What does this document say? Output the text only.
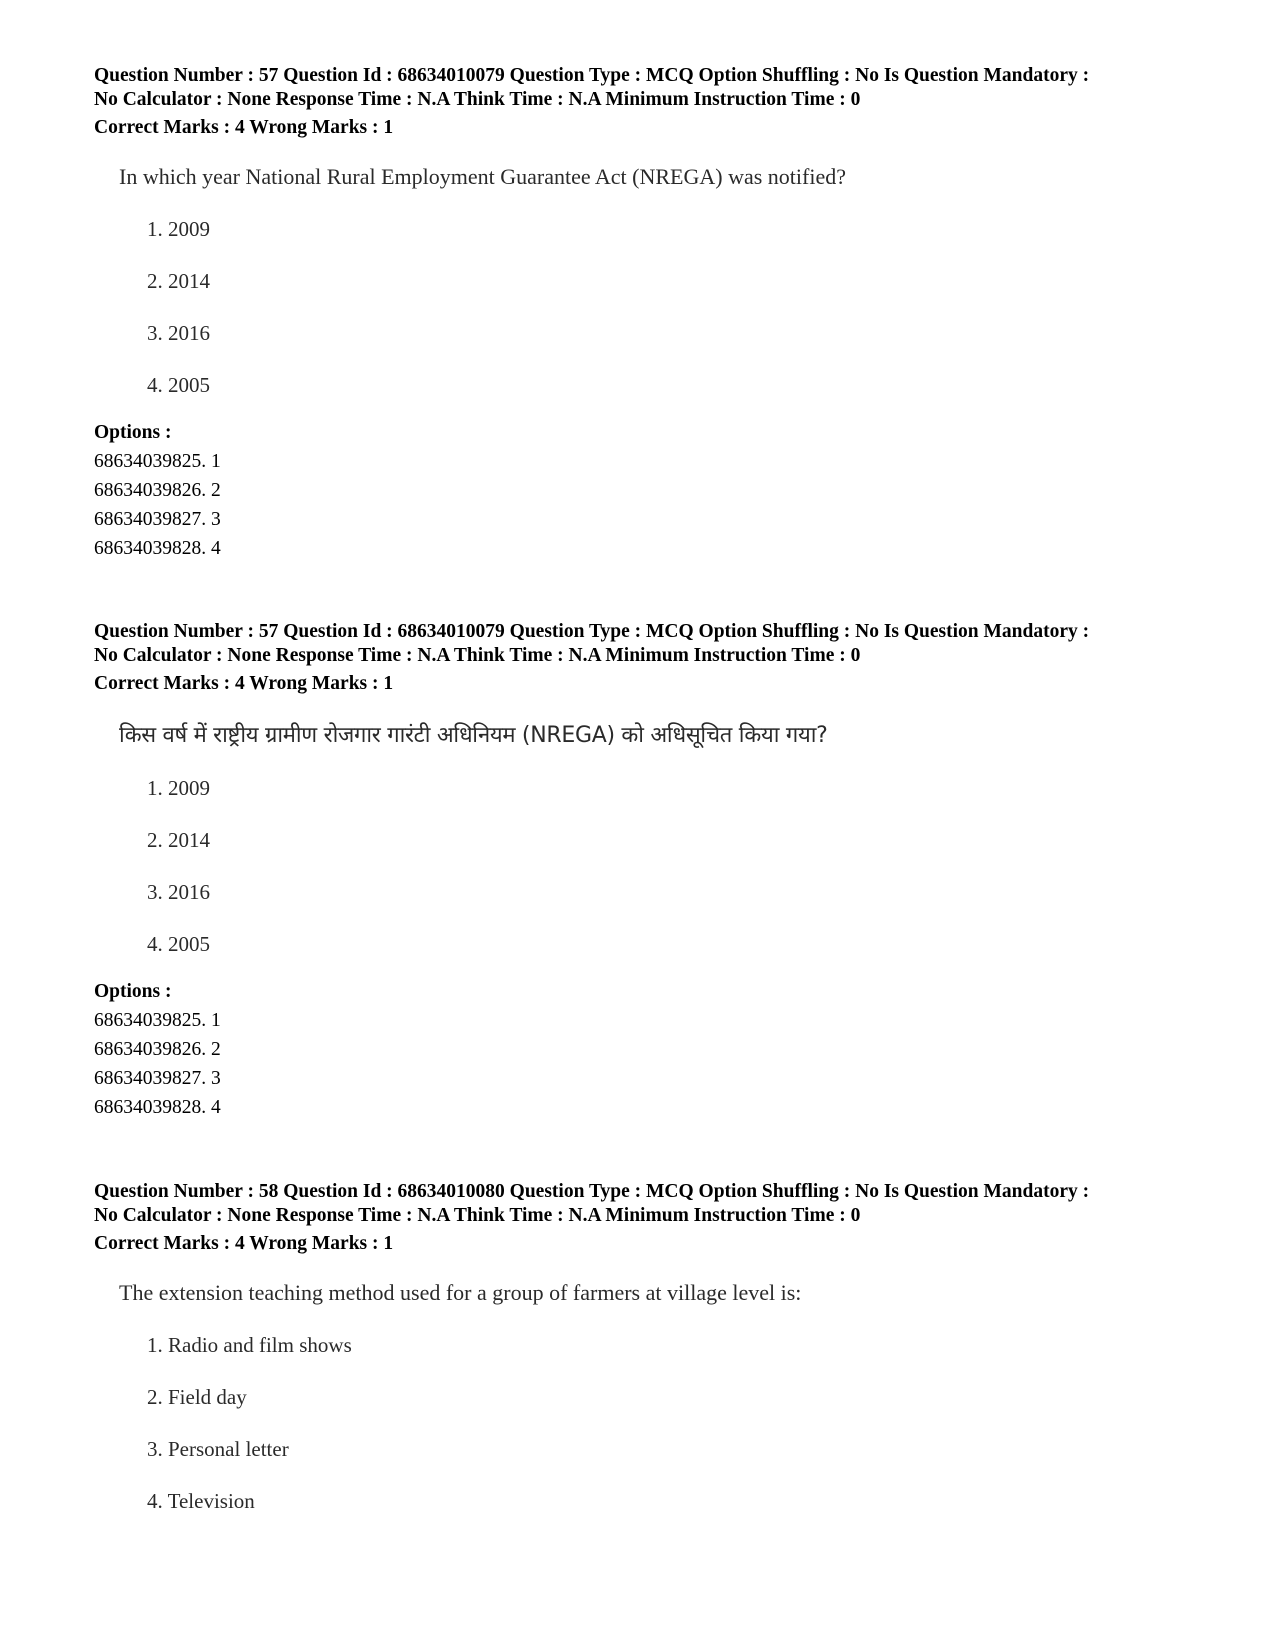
Question Number : 57 Question Id : 68634010079 Question Type : MCQ Option Shuffling : No Is Question Mandatory :
No Calculator : None Response Time : N.A Think Time : N.A Minimum Instruction Time : 0
Correct Marks : 4 Wrong Marks : 1
In which year National Rural Employment Guarantee Act (NREGA) was notified?
1. 2009
2. 2014
3. 2016
4. 2005
Options :
68634039825. 1
68634039826. 2
68634039827. 3
68634039828. 4
Question Number : 57 Question Id : 68634010079 Question Type : MCQ Option Shuffling : No Is Question Mandatory :
No Calculator : None Response Time : N.A Think Time : N.A Minimum Instruction Time : 0
Correct Marks : 4 Wrong Marks : 1
किस वर्ष में राष्ट्रीय ग्रामीण रोजगार गारंटी अधिनियम (NREGA) को अधिसूचित किया गया?
1. 2009
2. 2014
3. 2016
4. 2005
Options :
68634039825. 1
68634039826. 2
68634039827. 3
68634039828. 4
Question Number : 58 Question Id : 68634010080 Question Type : MCQ Option Shuffling : No Is Question Mandatory :
No Calculator : None Response Time : N.A Think Time : N.A Minimum Instruction Time : 0
Correct Marks : 4 Wrong Marks : 1
The extension teaching method used for a group of farmers at village level is:
1. Radio and film shows
2. Field day
3. Personal letter
4. Television
